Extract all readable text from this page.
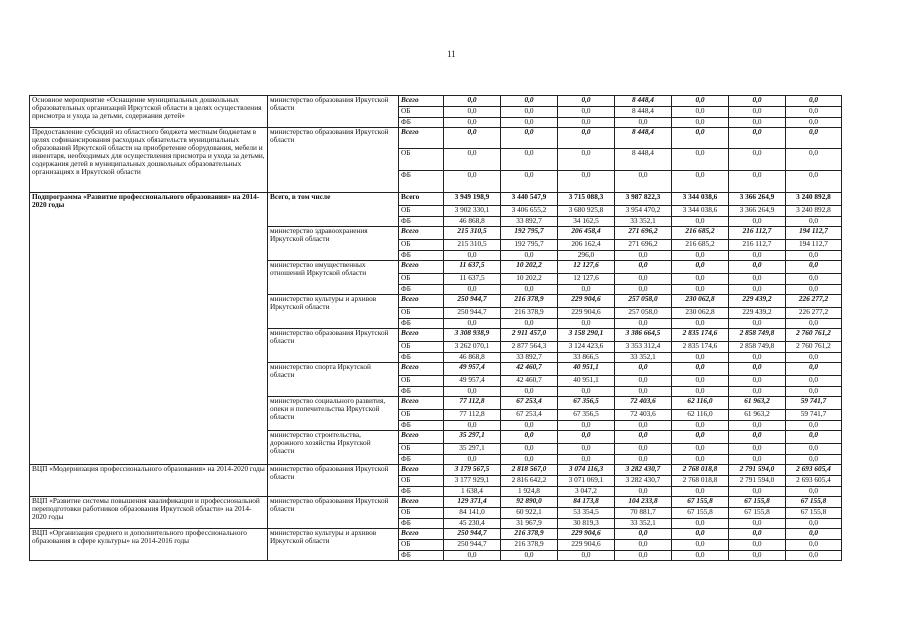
11
Основное мероприятие «Оснащение муниципальных дошкольных образовательных организаций Иркутской области в целях осуществления присмотра и ухода за детьми, содержания детей»	министерство образования Иркутской области	Всего	0,0	0,0	0,0	8 448,4	0,0	0,0	0,0
		ОБ	0,0	0,0	0,0	8 448,4	0,0	0,0	0,0
		ФБ	0,0	0,0	0,0	0,0	0,0	0,0	0,0
Предоставление субсидий из областного бюджета местным бюджетам в целях софинансирования расходных обязательств муниципальных образований Иркутской области на приобретение оборудования, мебели и инвентаря, необходимых для осуществления присмотра и ухода за детьми, содержания детей в муниципальных дошкольных образовательных организациях в Иркутской области	министерство образования Иркутской области	Всего	0,0	0,0	0,0	8 448,4	0,0	0,0	0,0
		ОБ	0,0	0,0	0,0	8 448,4	0,0	0,0	0,0
		ФБ	0,0	0,0	0,0	0,0	0,0	0,0	0,0
Подпрограмма «Развитие профессионального образования» на 2014-2020 годы	Всего, в том числе	Всего	3 949 198,9	3 440 547,9	3 715 088,3	3 987 822,3	3 344 038,6	3 366 264,9	3 240 892,8
		ОБ	3 902 330,1	3 406 655,2	3 680 925,8	3 954 470,2	3 344 038,6	3 366 264,9	3 240 892,8
		ФБ	46 868,8	33 892,7	34 162,5	33 352,1	0,0	0,0	0,0
	министерство здравоохранения Иркутской области	Всего	215 310,5	192 795,7	206 458,4	271 696,2	216 685,2	216 112,7	194 112,7
		ОБ	215 310,5	192 795,7	206 162,4	271 696,2	216 685,2	216 112,7	194 112,7
		ФБ	0,0	0,0	296,0	0,0	0,0	0,0	0,0
	министерство имущественных отношений Иркутской области	Всего	11 637,5	10 202,2	12 127,6	0,0	0,0	0,0	0,0
		ОБ	11 637,5	10 202,2	12 127,6	0,0	0,0	0,0	0,0
		ФБ	0,0	0,0	0,0	0,0	0,0	0,0	0,0
	министерство культуры и архивов Иркутской области	Всего	250 944,7	216 378,9	229 904,6	257 058,0	230 062,8	229 439,2	226 277,2
		ОБ	250 944,7	216 378,9	229 904,6	257 058,0	230 062,8	229 439,2	226 277,2
		ФБ	0,0	0,0	0,0	0,0	0,0	0,0	0,0
	министерство образования Иркутской области	Всего	3 308 938,9	2 911 457,0	3 158 290,1	3 386 664,5	2 835 174,6	2 858 749,8	2 760 761,2
		ОБ	3 262 070,1	2 877 564,3	3 124 423,6	3 353 312,4	2 835 174,6	2 858 749,8	2 760 761,2
		ФБ	46 868,8	33 892,7	33 866,5	33 352,1	0,0	0,0	0,0
	министерство спорта Иркутской области	Всего	49 957,4	42 460,7	40 951,1	0,0	0,0	0,0	0,0
		ОБ	49 957,4	42 460,7	40 951,1	0,0	0,0	0,0	0,0
		ФБ	0,0	0,0	0,0	0,0	0,0	0,0	0,0
	министерство социального развития, опеки и попечительства Иркутской области	Всего	77 112,8	67 253,4	67 356,5	72 403,6	62 116,0	61 963,2	59 741,7
		ОБ	77 112,8	67 253,4	67 356,5	72 403,6	62 116,0	61 963,2	59 741,7
		ФБ	0,0	0,0	0,0	0,0	0,0	0,0	0,0
	министерство строительства, дорожного хозяйства Иркутской области	Всего	35 297,1	0,0	0,0	0,0	0,0	0,0	0,0
		ОБ	35 297,1	0,0	0,0	0,0	0,0	0,0	0,0
		ФБ	0,0	0,0	0,0	0,0	0,0	0,0	0,0
ВЦП «Модернизация профессионального образования» на 2014-2020 годы	министерство образования Иркутской области	Всего	3 179 567,5	2 818 567,0	3 074 116,3	3 282 430,7	2 768 018,8	2 791 594,0	2 693 605,4
		ОБ	3 177 929,1	2 816 642,2	3 071 069,1	3 282 430,7	2 768 018,8	2 791 594,0	2 693 605,4
		ФБ	1 638,4	1 924,8	3 047,2	0,0	0,0	0,0	0,0
ВЦП «Развитие системы повышения квалификации и профессиональной переподготовки работников образования Иркутской области» на 2014-2020 годы	министерство образования Иркутской области	Всего	129 371,4	92 890,0	84 173,8	104 233,8	67 155,8	67 155,8	67 155,8
		ОБ	84 141,0	60 922,1	53 354,5	70 881,7	67 155,8	67 155,8	67 155,8
		ФБ	45 230,4	31 967,9	30 819,3	33 352,1	0,0	0,0	0,0
ВЦП «Организация среднего и дополнительного профессионального образования в сфере культуры» на 2014-2016 годы	министерство культуры и архивов Иркутской области	Всего	250 944,7	216 378,9	229 904,6	0,0	0,0	0,0	0,0
		ОБ	250 944,7	216 378,9	229 904,6	0,0	0,0	0,0	0,0
		ФБ	0,0	0,0	0,0	0,0	0,0	0,0	0,0
